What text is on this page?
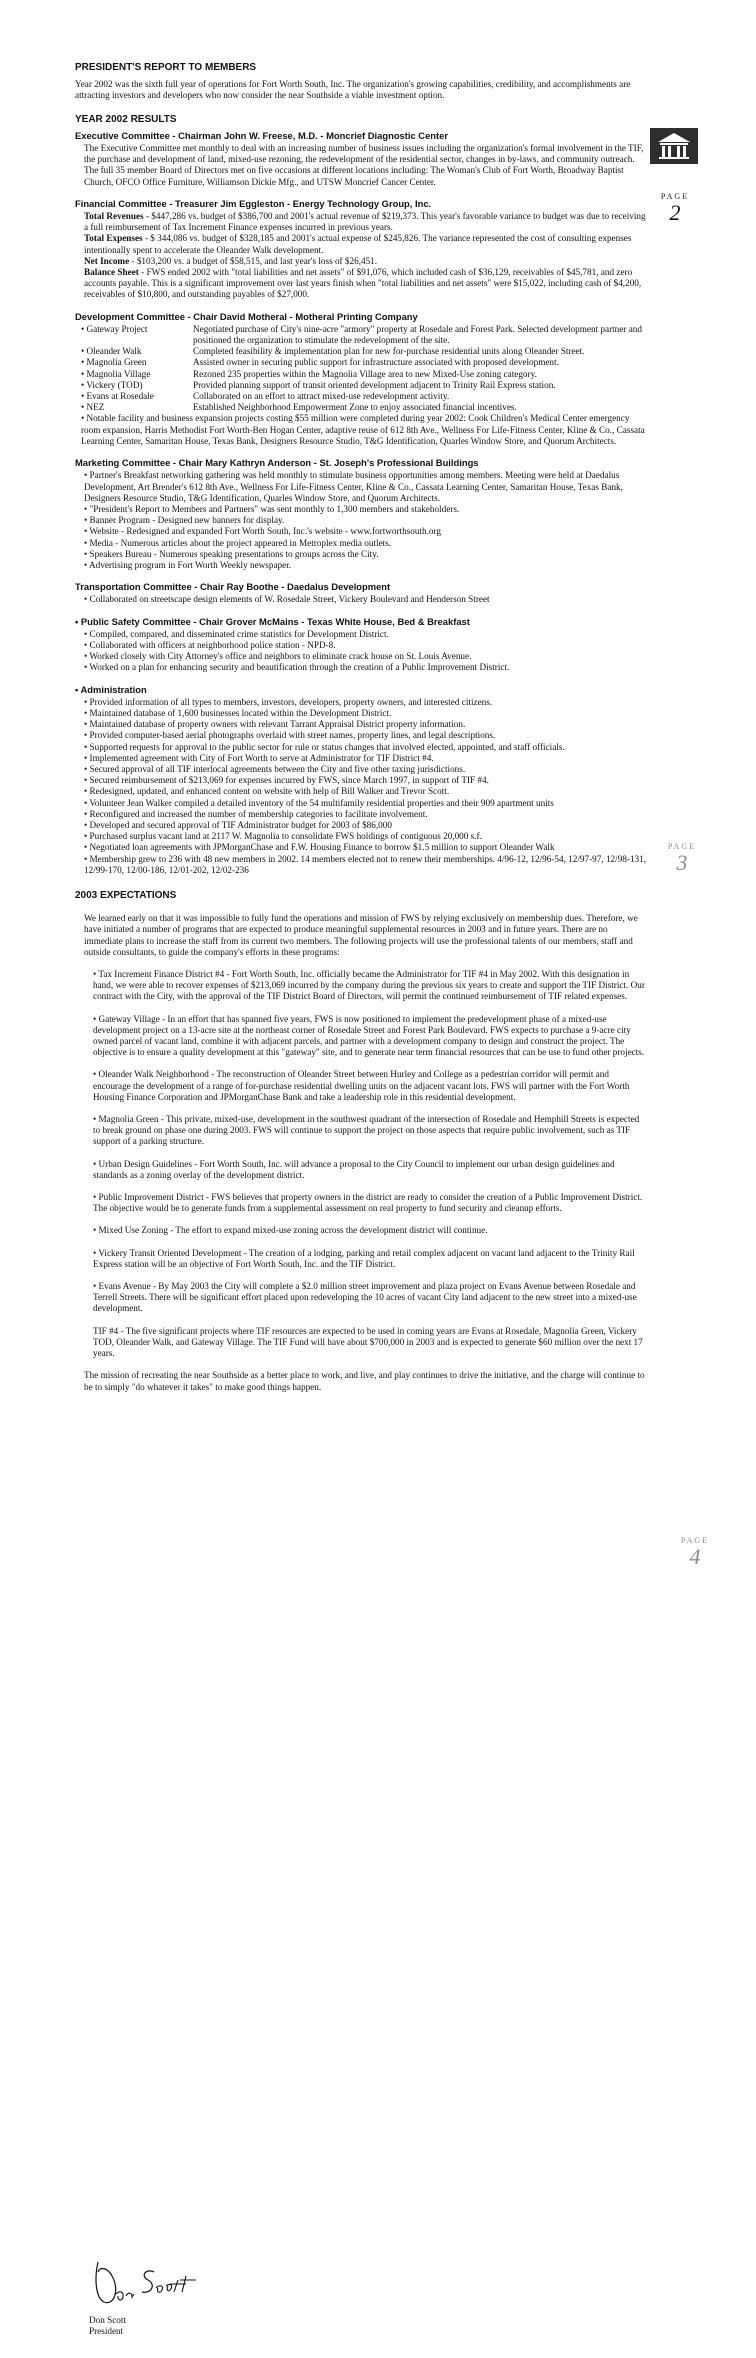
PAGE
2
PAGE
3
PAGE
4
PRESIDENT'S REPORT TO MEMBERS

Year 2002 was the sixth full year of operations for Fort Worth South, Inc. The organization's growing capabilities, credibility, and accomplishments are attracting investors and developers who now consider the near Southside a viable investment option.

YEAR 2002 RESULTS
Executive Committee - Chairman John W. Freese, M.D. - Moncrief Diagnostic Center

The Executive Committee met monthly to deal with an increasing number of business issues including the organization's formal involvement in the TIF, the purchase and development of land, mixed-use rezoning, the redevelopment of the residential sector, changes in by-laws, and community outreach. The full 35 member Board of Directors met on five occasions at different locations including: The Woman's Club of Fort Worth, Broadway Baptist Church, OFCO Office Furniture, Williamson Dickie Mfg., and UTSW Moncrief Cancer Center.

Financial Committee - Treasurer Jim Eggleston - Energy Technology Group, Inc.
Total Revenues - $447,286 vs. budget of $386,700 and 2001's actual revenue of $219,373. This year's favorable variance to budget was due to receiving a full reimbursement of Tax Increment Finance expenses incurred in previous years.
Total Expenses - $ 344,086 vs. budget of $328,185 and 2001's actual expense of $245,826. The variance represented the cost of consulting expenses intentionally spent to accelerate the Oleander Walk development.
Net Income - $103,200 vs. a budget of $58,515, and last year's loss of $26,451.
Balance Sheet - FWS ended 2002 with "total liabilities and net assets" of $91,076, which included cash of $36,129, receivables of $45,781, and zero accounts payable. This is a significant improvement over last years finish when "total liabilities and net assets" were $15,022, including cash of $4,200, receivables of $10,800, and outstanding payables of $27,000.
Development Committee - Chair David Motheral - Motheral Printing Company
• Gateway Project	Negotiated purchase of City's nine-acre "armory" property at Rosedale and Forest Park. Selected development partner and positioned the organization to stimulate the redevelopment of the site.
• Oleander Walk	Completed feasibility & implementation plan for new for-purchase residential units along Oleander Street.
• Magnolia Green	Assisted owner in securing public support for infrastructure associated with proposed development.
• Magnolia Village	Rezoned 235 properties within the Magnolia Village area to new Mixed-Use zoning category.
• Vickery (TOD)	Provided planning support of transit oriented development adjacent to Trinity Rail Express station.
• Evans at Rosedale	Collaborated on an effort to attract mixed-use redevelopment activity.
• NEZ	Established Neighborhood Empowerment Zone to enjoy associated financial incentives.
• Notable facility and business expansion projects costing $55 million were completed during year 2002: Cook Children's Medical Center emergency room expansion, Harris Methodist Fort Worth-Ben Hogan Center, adaptive reuse of 612 8th Ave., Wellness For Life-Fitness Center, Kline & Co., Cassata Learning Center, Samaritan House, Texas Bank, Designers Resource Studio, T&G Identification, Quarles Window Store, and Quorum Architects.
Marketing Committee - Chair Mary Kathryn Anderson - St. Joseph's Professional Buildings
• Partner's Breakfast networking gathering was held monthly to stimulate business opportunities among members. Meeting were held at Daedalus Development, Art Brender's 612 8th Ave., Wellness For Life-Fitness Center, Kline & Co., Cassata Learning Center, Samaritan House, Texas Bank, Designers Resource Studio, T&G Identification, Quarles Window Store, and Quorum Architects.
• "President's Report to Members and Partners" was sent monthly to 1,300 members and stakeholders.
• Banner Program - Designed new banners for display.
• Website - Redesigned and expanded Fort Worth South, Inc.'s website - www.fortworthsouth.org
• Media - Numerous articles about the project appeared in Metroplex media outlets.
• Speakers Bureau - Numerous speaking presentations to groups across the City.
• Advertising program in Fort Worth Weekly newspaper.
Transportation Committee - Chair Ray Boothe - Daedalus Development
• Collaborated on streetscape design elements of W. Rosedale Street, Vickery Boulevard and Henderson Street
• Public Safety Committee - Chair Grover McMains - Texas White House, Bed & Breakfast
• Compiled, compared, and disseminated crime statistics for Development District.
• Collaborated with officers at neighborhood police station - NPD-8.
• Worked closely with City Attorney's office and neighbors to eliminate crack house on St. Louis Avenue.
• Worked on a plan for enhancing security and beautification through the creation of a Public Improvement District.
• Administration
• Provided information of all types to members, investors, developers, property owners, and interested citizens.
• Maintained database of 1,600 businesses located within the Development District.
• Maintained database of property owners with relevant Tarrant Appraisal District property information.
• Provided computer-based aerial photographs overlaid with street names, property lines, and legal descriptions.
• Supported requests for approval to the public sector for rule or status changes that involved elected, appointed, and staff officials.
• Implemented agreement with City of Fort Worth to serve at Administrator for TIF District #4.
• Secured approval of all TIF interlocal agreements between the City and five other taxing jurisdictions.
• Secured reimbursement of $213,069 for expenses incurred by FWS, since March 1997, in support of TIF #4.
• Redesigned, updated, and enhanced content on website with help of Bill Walker and Trevor Scott.
• Volunteer Jean Walker compiled a detailed inventory of the 54 multifamily residential properties and their 909 apartment units
• Reconfigured and increased the number of membership categories to facilitate involvement.
• Developed and secured approval of TIF Administrator budget for 2003 of $86,000
• Purchased surplus vacant land at 2117 W. Magnolia to consolidate FWS holdings of contiguous 20,000 s.f.
• Negotiated loan agreements with JPMorganChase and F.W. Housing Finance to borrow $1.5 million to support Oleander Walk
• Membership grew to 236 with 48 new members in 2002. 14 members elected not to renew their memberships. 4/96-12, 12/96-54, 12/97-97, 12/98-131, 12/99-170, 12/00-186, 12/01-202, 12/02-236
2003 EXPECTATIONS

We learned early on that it was impossible to fully fund the operations and mission of FWS by relying exclusively on membership dues. Therefore, we have initiated a number of programs that are expected to produce meaningful supplemental resources in 2003 and in future years. There are no immediate plans to increase the staff from its current two members. The following projects will use the professional talents of our members, staff and outside consultants, to guide the company's efforts in these programs:

• Tax Increment Finance District #4 - Fort Worth South, Inc. officially became the Administrator for TIF #4 in May 2002. With this designation in hand, we were able to recover expenses of $213,069 incurred by the company during the previous six years to create and support the TIF District. Our contract with the City, with the approval of the TIF District Board of Directors, will permit the continued reimbursement of TIF related expenses.

• Gateway Village - In an effort that has spanned five years, FWS is now positioned to implement the predevelopment phase of a mixed-use development project on a 13-acre site at the northeast corner of Rosedale Street and Forest Park Boulevard. FWS expects to purchase a 9-acre city owned parcel of vacant land, combine it with adjacent parcels, and partner with a development company to design and construct the project. The objective is to ensure a quality development at this "gateway" site, and to generate near term financial resources that can be use to fund other projects.

• Oleander Walk Neighborhood - The reconstruction of Oleander Street between Hurley and College as a pedestrian corridor will permit and encourage the development of a range of for-purchase residential dwelling units on the adjacent vacant lots. FWS will partner with the Fort Worth Housing Finance Corporation and JPMorganChase Bank and take a leadership role in this residential development.

• Magnolia Green - This private, mixed-use, development in the southwest quadrant of the intersection of Rosedale and Hemphill Streets is expected to break ground on phase one during 2003. FWS will continue to support the project on those aspects that require public involvement, such as TIF support of a parking structure.

• Urban Design Guidelines - Fort Worth South, Inc. will advance a proposal to the City Council to implement our urban design guidelines and standards as a zoning overlay of the development district.

• Public Improvement District - FWS believes that property owners in the district are ready to consider the creation of a Public Improvement District. The objective would be to generate funds from a supplemental assessment on real property to fund security and cleanup efforts.

• Mixed Use Zoning - The effort to expand mixed-use zoning across the development district will continue.

• Vickery Transit Oriented Development - The creation of a lodging, parking and retail complex adjacent on vacant land adjacent to the Trinity Rail Express station will be an objective of Fort Worth South, Inc. and the TIF District.

• Evans Avenue - By May 2003 the City will complete a $2.0 million street improvement and plaza project on Evans Avenue between Rosedale and Terrell Streets. There will be significant effort placed upon redeveloping the 10 acres of vacant City land adjacent to the new street into a mixed-use development.

TIF #4 - The five significant projects where TIF resources are expected to be used in coming years are Evans at Rosedale, Magnolia Green, Vickery TOD, Oleander Walk, and Gateway Village. The TIF Fund will have about $700,000 in 2003 and is expected to generate $60 million over the next 17 years.

The mission of recreating the near Southside as a better place to work, and live, and play continues to drive the initiative, and the charge will continue to be to simply "do whatever it takes" to make good things happen.

Don Scott
President
